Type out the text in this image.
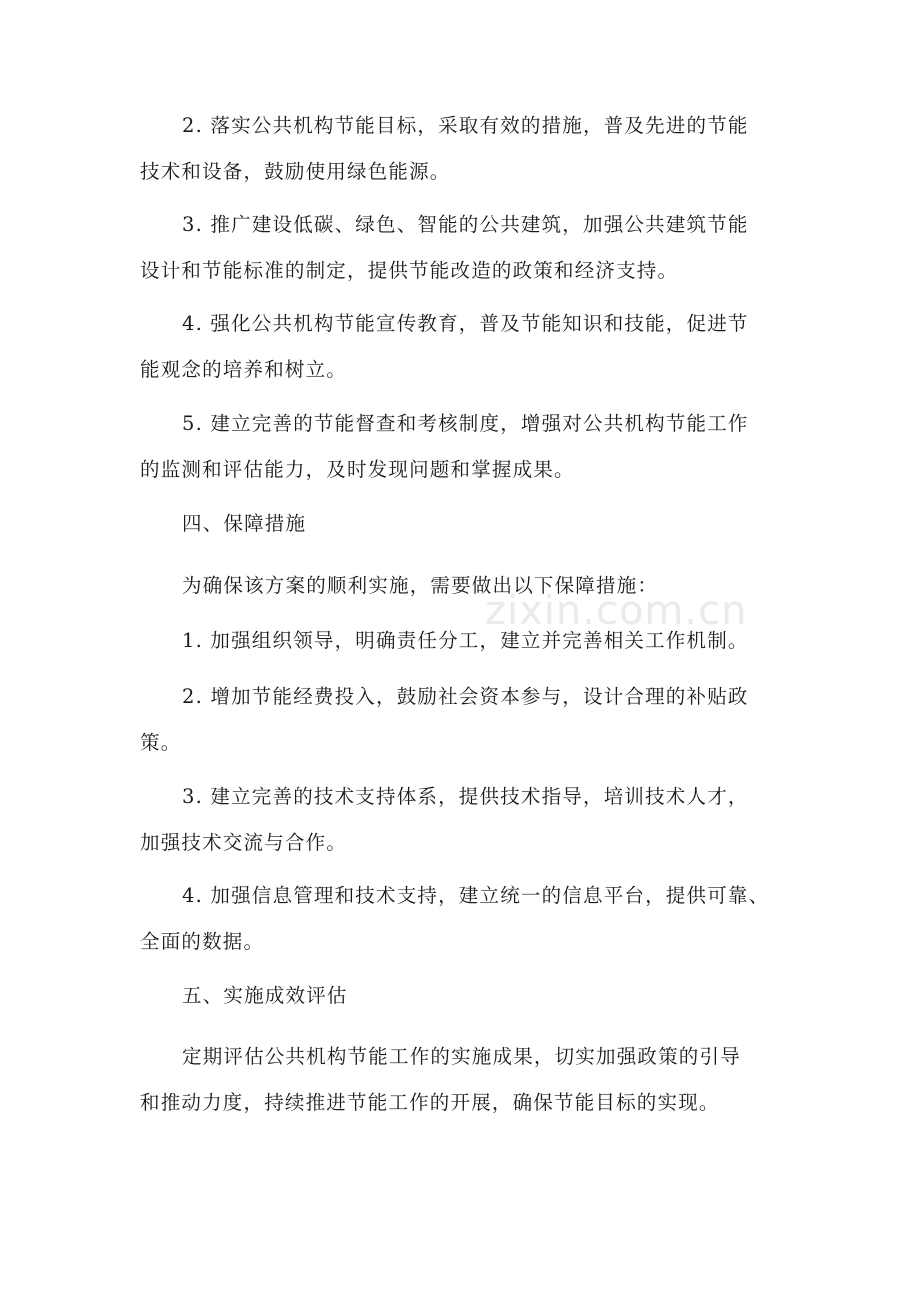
2. 落实公共机构节能目标，采取有效的措施，普及先进的节能
技术和设备，鼓励使用绿色能源。
3. 推广建设低碳、绿色、智能的公共建筑，加强公共建筑节能
设计和节能标准的制定，提供节能改造的政策和经济支持。
4. 强化公共机构节能宣传教育，普及节能知识和技能，促进节
能观念的培养和树立。
5. 建立完善的节能督查和考核制度，增强对公共机构节能工作
的监测和评估能力，及时发现问题和掌握成果。
四、保障措施
为确保该方案的顺利实施，需要做出以下保障措施：
1. 加强组织领导，明确责任分工，建立并完善相关工作机制。
2. 增加节能经费投入，鼓励社会资本参与，设计合理的补贴政
策。
3. 建立完善的技术支持体系，提供技术指导，培训技术人才，
加强技术交流与合作。
4. 加强信息管理和技术支持，建立统一的信息平台，提供可靠、
全面的数据。
五、实施成效评估
定期评估公共机构节能工作的实施成果，切实加强政策的引导
和推动力度，持续推进节能工作的开展，确保节能目标的实现。
zixin.com.cn
